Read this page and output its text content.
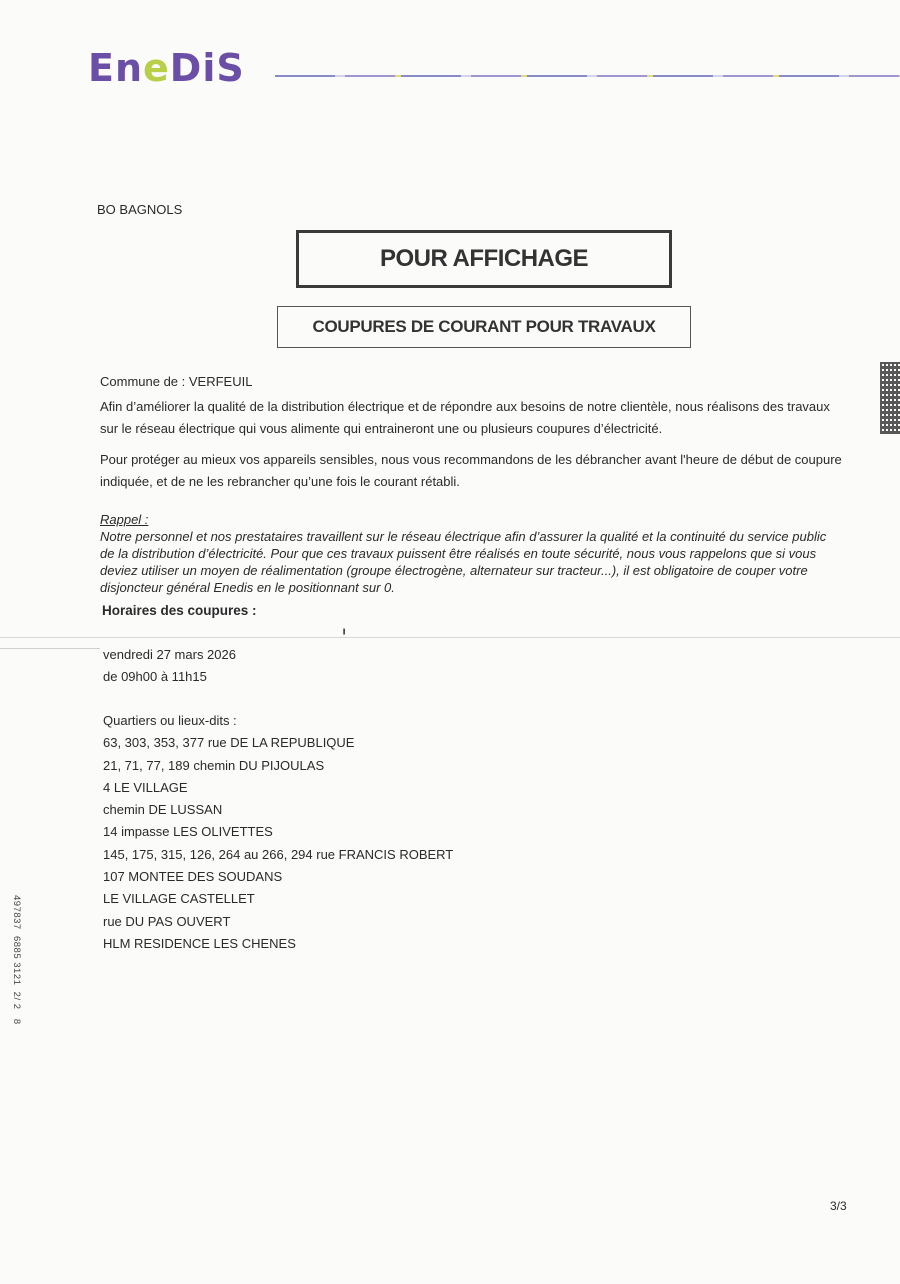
EneDiS
BO BAGNOLS
POUR AFFICHAGE
COUPURES DE COURANT POUR TRAVAUX
Commune de : VERFEUIL
Afin d’améliorer la qualité de la distribution électrique et de répondre aux besoins de notre clientèle, nous réalisons des travaux
sur le réseau électrique qui vous alimente qui entraineront une ou plusieurs coupures d’électricité.
Pour protéger au mieux vos appareils sensibles, nous vous recommandons de les débrancher avant l'heure de début de coupure
indiquée, et de ne les rebrancher qu’une fois le courant rétabli.
Rappel :
Notre personnel et nos prestataires travaillent sur le réseau électrique afin d’assurer la qualité et la continuité du service public
de la distribution d’électricité. Pour que ces travaux puissent être réalisés en toute sécurité, nous vous rappelons que si vous
deviez utiliser un moyen de réalimentation (groupe électrogène, alternateur sur tracteur...), il est obligatoire de couper votre
disjoncteur général Enedis en le positionnant sur 0.
Horaires des coupures :
╻
vendredi 27 mars 2026
de 09h00 à 11h15
Quartiers ou lieux-dits :
63, 303, 353, 377 rue DE LA REPUBLIQUE
21, 71, 77, 189 chemin DU PIJOULAS
4 LE VILLAGE
chemin DE LUSSAN
14 impasse LES OLIVETTES
145, 175, 315, 126, 264 au 266, 294 rue FRANCIS ROBERT
107 MONTEE DES SOUDANS
LE VILLAGE CASTELLET
rue DU PAS OUVERT
HLM RESIDENCE LES CHENES
497837  6885 3121  2/ 2   8
3/3
